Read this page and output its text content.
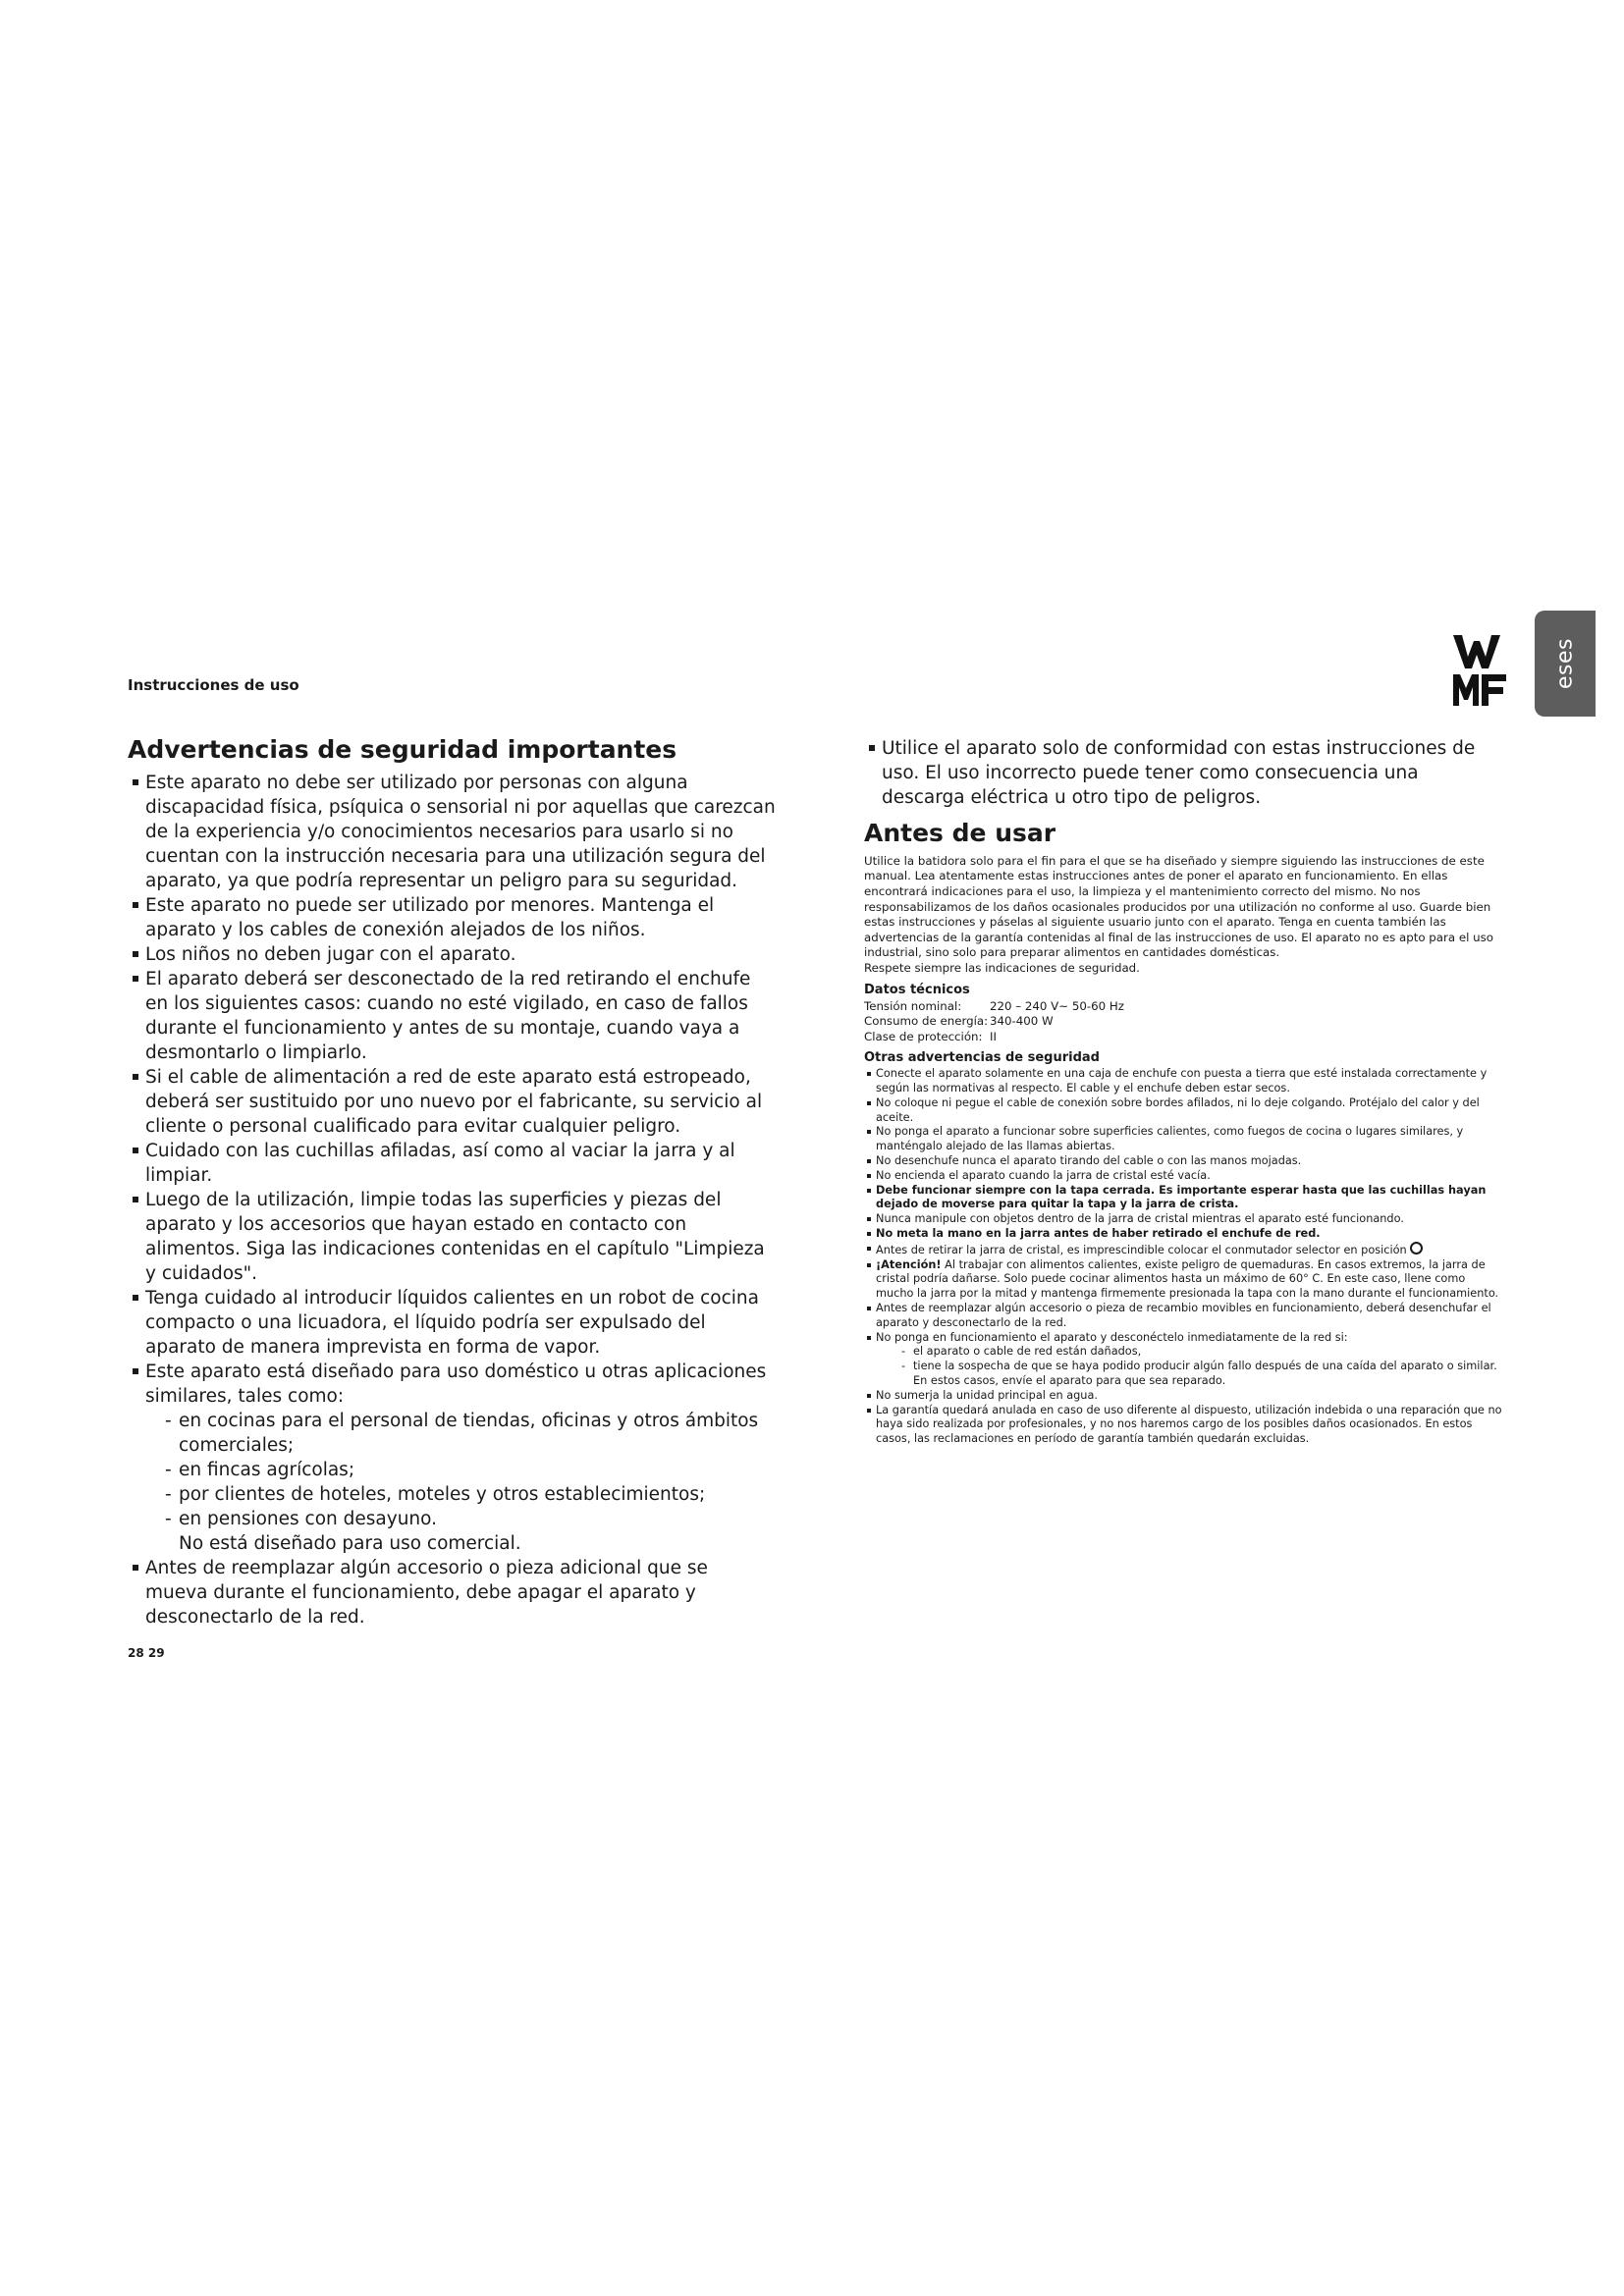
Instrucciones de uso	eses
Advertencias de seguridad importantes
Este aparato no debe ser utilizado por personas con alguna discapacidad física, psíquica o sensorial ni por aquellas que carezcan de la experiencia y/o conocimientos necesarios para usarlo si no cuentan con la instrucción necesaria para una utilización segura del aparato, ya que podría representar un peligro para su seguridad.
Este aparato no puede ser utilizado por menores. Mantenga el aparato y los cables de conexión alejados de los niños.
Los niños no deben jugar con el aparato.
El aparato deberá ser desconectado de la red retirando el enchufe en los siguientes casos: cuando no esté vigilado, en caso de fallos durante el funcionamiento y antes de su montaje, cuando vaya a desmontarlo o limpiarlo.
Si el cable de alimentación a red de este aparato está estropeado, deberá ser sustituido por uno nuevo por el fabricante, su servicio al cliente o personal cualificado para evitar cualquier peligro.
Cuidado con las cuchillas afiladas, así como al vaciar la jarra y al limpiar.
Luego de la utilización, limpie todas las superficies y piezas del aparato y los accesorios que hayan estado en contacto con alimentos. Siga las indicaciones contenidas en el capítulo "Limpieza y cuidados".
Tenga cuidado al introducir líquidos calientes en un robot de cocina compacto o una licuadora, el líquido podría ser expulsado del aparato de manera imprevista en forma de vapor.
Este aparato está diseñado para uso doméstico u otras aplicaciones similares, tales como:
- en cocinas para el personal de tiendas, oficinas y otros ámbitos comerciales;
- en fincas agrícolas;
- por clientes de hoteles, moteles y otros establecimientos;
- en pensiones con desayuno.
No está diseñado para uso comercial.
Antes de reemplazar algún accesorio o pieza adicional que se mueva durante el funcionamiento, debe apagar el aparato y desconectarlo de la red.
Utilice el aparato solo de conformidad con estas instrucciones de uso. El uso incorrecto puede tener como consecuencia una descarga eléctrica u otro tipo de peligros.
Antes de usar

Utilice la batidora solo para el fin para el que se ha diseñado y siempre siguiendo las instrucciones de este manual. Lea atentamente estas instrucciones antes de poner el aparato en funcionamiento. En ellas encontrará indicaciones para el uso, la limpieza y el mantenimiento correcto del mismo. No nos responsabilizamos de los daños ocasionales producidos por una utilización no conforme al uso. Guarde bien estas instrucciones y páselas al siguiente usuario junto con el aparato. Tenga en cuenta también las advertencias de la garantía contenidas al final de las instrucciones de uso. El aparato no es apto para el uso industrial, sino solo para preparar alimentos en cantidades domésticas.

Respete siempre las indicaciones de seguridad.

Datos técnicos
Tensión nominal:	220 – 240 V~ 50-60 Hz
Consumo de energía: 340-400 W
Clase de protección: II
Otras advertencias de seguridad
Conecte el aparato solamente en una caja de enchufe con puesta a tierra que esté instalada correctamente y según las normativas al respecto. El cable y el enchufe deben estar secos.
No coloque ni pegue el cable de conexión sobre bordes afilados, ni lo deje colgando. Protéjalo del calor y del aceite.
No ponga el aparato a funcionar sobre superficies calientes, como fuegos de cocina o lugares similares, y manténgalo alejado de las llamas abiertas.
No desenchufe nunca el aparato tirando del cable o con las manos mojadas.
No encienda el aparato cuando la jarra de cristal esté vacía.
Debe funcionar siempre con la tapa cerrada. Es importante esperar hasta que las cuchillas hayan dejado de moverse para quitar la tapa y la jarra de crista.
Nunca manipule con objetos dentro de la jarra de cristal mientras el aparato esté funcionando.
No meta la mano en la jarra antes de haber retirado el enchufe de red.
Antes de retirar la jarra de cristal, es imprescindible colocar el conmutador selector en posición
¡Atención! Al trabajar con alimentos calientes, existe peligro de quemaduras. En casos extremos, la jarra de cristal podría dañarse. Solo puede cocinar alimentos hasta un máximo de 60° C. En este caso, llene como mucho la jarra por la mitad y mantenga firmemente presionada la tapa con la mano durante el funcionamiento.
Antes de reemplazar algún accesorio o pieza de recambio movibles en funcionamiento, deberá desenchufar el aparato y desconectarlo de la red.
No ponga en funcionamiento el aparato y desconéctelo inmediatamente de la red si:
- el aparato o cable de red están dañados,
- tiene la sospecha de que se haya podido producir algún fallo después de una caída del aparato o similar.
En estos casos, envíe el aparato para que sea reparado.
No sumerja la unidad principal en agua.
La garantía quedará anulada en caso de uso diferente al dispuesto, utilización indebida o una reparación que no haya sido realizada por profesionales, y no nos haremos cargo de los posibles daños ocasionados. En estos casos, las reclamaciones en período de garantía también quedarán excluidas.
28 29
